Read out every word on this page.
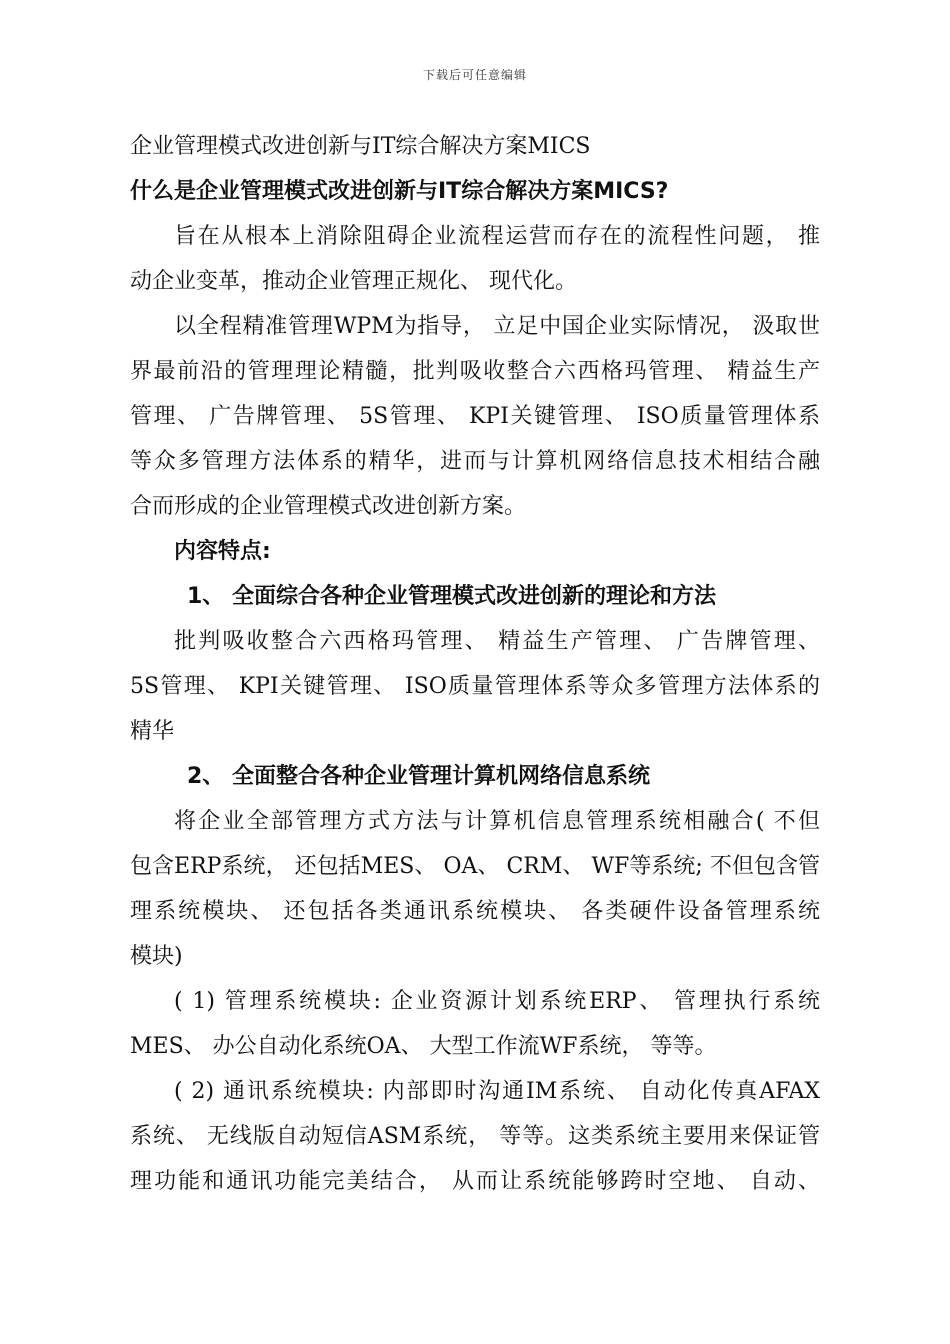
下载后可任意编辑
企业管理模式改进创新与IT综合解决方案MICS
什么是企业管理模式改进创新与IT综合解决方案MICS?
旨在从根本上消除阻碍企业流程运营而存在的流程性问题， 推
动企业变革，推动企业管理正规化、 现代化。
以全程精准管理WPM为指导， 立足中国企业实际情况， 汲取世
界最前沿的管理理论精髓，批判吸收整合六西格玛管理、 精益生产
管理、 广告牌管理、 5S管理、 KPI关键管理、 ISO质量管理体系
等众多管理方法体系的精华，进而与计算机网络信息技术相结合融
合而形成的企业管理模式改进创新方案。
内容特点:
1、 全面综合各种企业管理模式改进创新的理论和方法
批判吸收整合六西格玛管理、 精益生产管理、 广告牌管理、
5S管理、 KPI关键管理、 ISO质量管理体系等众多管理方法体系的
精华
2、 全面整合各种企业管理计算机网络信息系统
将企业全部管理方式方法与计算机信息管理系统相融合( 不但
包含ERP系统， 还包括MES、 OA、 CRM、 WF等系统; 不但包含管
理系统模块、 还包括各类通讯系统模块、 各类硬件设备管理系统
模块)
( 1) 管理系统模块: 企业资源计划系统ERP、 管理执行系统
MES、 办公自动化系统OA、 大型工作流WF系统， 等等。
( 2) 通讯系统模块: 内部即时沟通IM系统、 自动化传真AFAX
系统、 无线版自动短信ASM系统， 等等。这类系统主要用来保证管
理功能和通讯功能完美结合， 从而让系统能够跨时空地、 自动、
